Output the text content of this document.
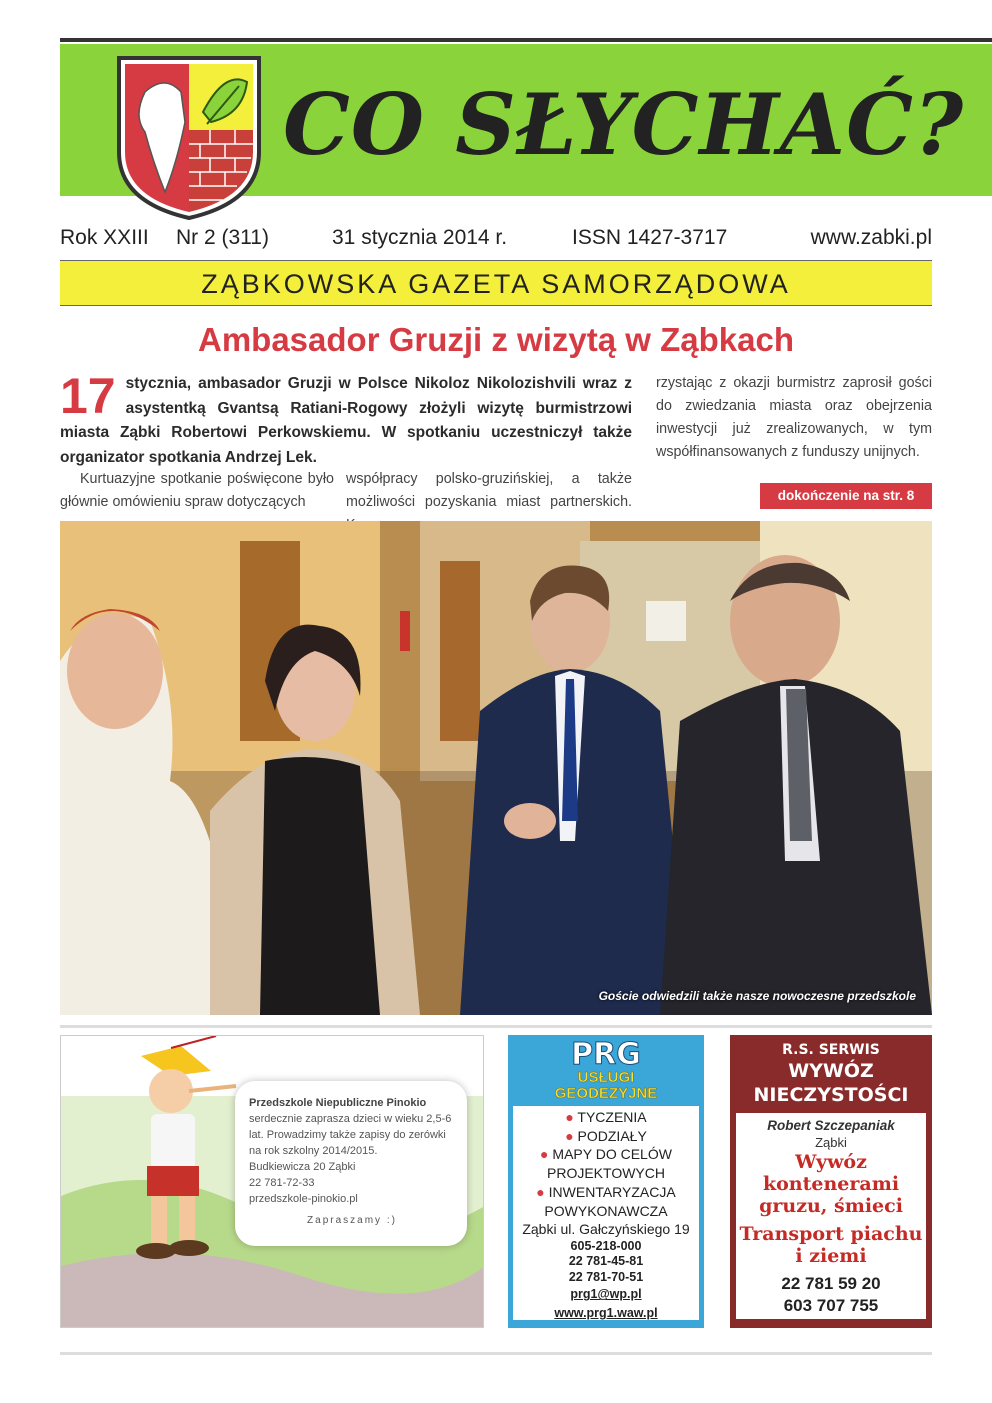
CO SŁYCHAĆ?
Rok XXIII Nr 2 (311)	31 stycznia 2014 r.	ISSN 1427-3717	www.zabki.pl
ZĄBKOWSKA GAZETA SAMORZĄDOWA
Ambasador Gruzji z wizytą w Ząbkach
17 stycznia, ambasador Gruzji w Polsce Nikoloz Nikolozishvili wraz z asystentką Gvantsą Ratiani-Rogowy złożyli wizytę burmistrzowi miasta Ząbki Robertowi Perkowskiemu. W spotkaniu uczestniczył także organizator spotkania Andrzej Lek.
Kurtuazyjne spotkanie poświęcone było głównie omówieniu spraw dotyczących
współpracy polsko-gruzińskiej, a także możliwości pozyskania miast partnerskich.
rzystając z okazji burmistrz zaprosił gości do zwiedzania miasta oraz obejrzenia inwestycji już zrealizowanych, w tym współfinansowanych z funduszy unijnych.
dokończenie na str. 8
Goście odwiedzili także nasze nowoczesne przedszkole
Przedszkole Niepubliczne Pinokio
serdecznie zaprasza dzieci w wieku 2,5-6 lat. Prowadzimy także zapisy do zerówki na rok szkolny 2014/2015.
Budkiewicza 20 Ząbki
22 781-72-33
przedszkole-pinokio.pl
Zapraszamy :)
PRG
USŁUGI
GEODEZYJNE
● TYCZENIA
● PODZIAŁY
● MAPY DO CELÓW
PROJEKTOWYCH
● INWENTARYZACJA
POWYKONAWCZA
Ząbki ul. Gałczyńskiego 19
605-218-000
22 781-45-81
22 781-70-51
prg1@wp.pl
www.prg1.waw.pl
R.S. SERWIS
WYWÓZ
NIECZYSTOŚCI
Robert Szczepaniak
Ząbki
Wywóz
kontenerami
gruzu, śmieci
Transport piachu
i ziemi
22 781 59 20
603 707 755
